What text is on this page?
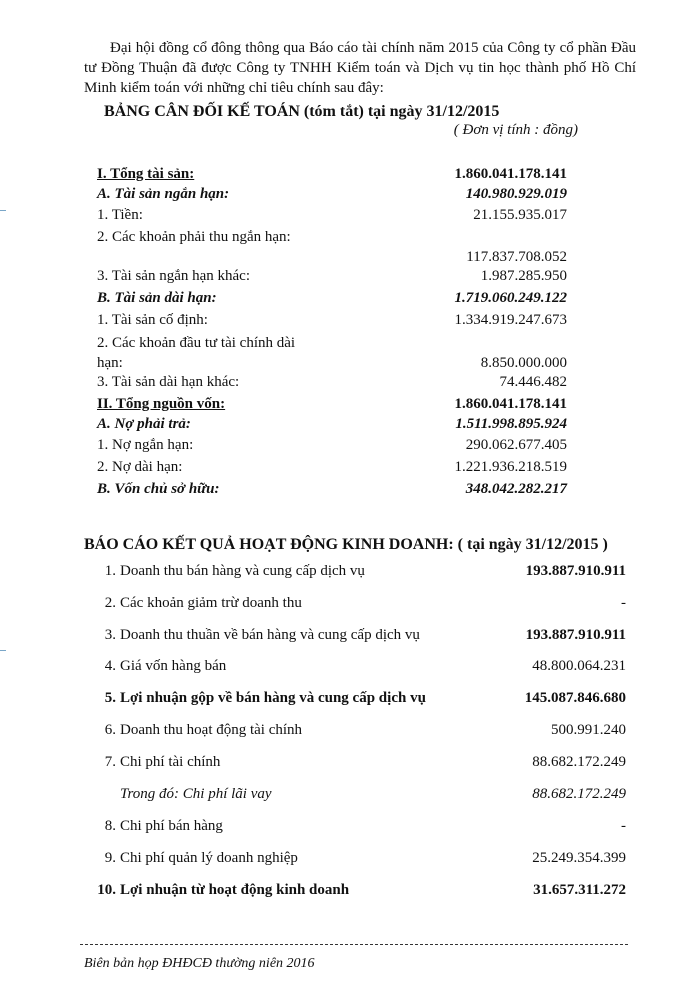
Đại hội đồng cổ đông thông qua Báo cáo tài chính năm 2015 của Công ty cổ phần Đầu tư Đồng Thuận đã được Công ty TNHH Kiểm toán và Dịch vụ tin học thành phố Hồ Chí Minh kiểm toán với những chỉ tiêu chính sau đây:

BẢNG CÂN ĐỐI KẾ TOÁN (tóm tắt) tại ngày 31/12/2015
( Đơn vị tính : đồng)
I. Tổng tài sản:	1.860.041.178.141
A. Tài sản ngắn hạn:	140.980.929.019
1. Tiền:	21.155.935.017
2. Các khoản phải thu ngắn hạn:
117.837.708.052
3. Tài sản ngắn hạn khác:	1.987.285.950
B. Tài sản dài hạn:	1.719.060.249.122
1. Tài sản cố định:	1.334.919.247.673
2. Các khoản đầu tư tài chính dài hạn:	8.850.000.000
3. Tài sản dài hạn khác:	74.446.482
II. Tổng nguồn vốn:	1.860.041.178.141
A. Nợ phải trả:	1.511.998.895.924
1. Nợ ngắn hạn:	290.062.677.405
2. Nợ dài hạn:	1.221.936.218.519
B. Vốn chủ sở hữu:	348.042.282.217
BÁO CÁO KẾT QUẢ HOẠT ĐỘNG KINH DOANH: ( tại ngày 31/12/2015 )
1. Doanh thu bán hàng và cung cấp dịch vụ	193.887.910.911
2. Các khoản giảm trừ doanh thu	-
3. Doanh thu thuần về bán hàng và cung cấp dịch vụ	193.887.910.911
4. Giá vốn hàng bán	48.800.064.231
5. Lợi nhuận gộp về bán hàng và cung cấp dịch vụ	145.087.846.680
6. Doanh thu hoạt động tài chính	500.991.240
7. Chi phí tài chính	88.682.172.249
Trong đó: Chi phí lãi vay	88.682.172.249
8. Chi phí bán hàng	-
9. Chi phí quản lý doanh nghiệp	25.249.354.399
10. Lợi nhuận từ hoạt động kinh doanh	31.657.311.272
Biên bản họp ĐHĐCĐ thường niên 2016
